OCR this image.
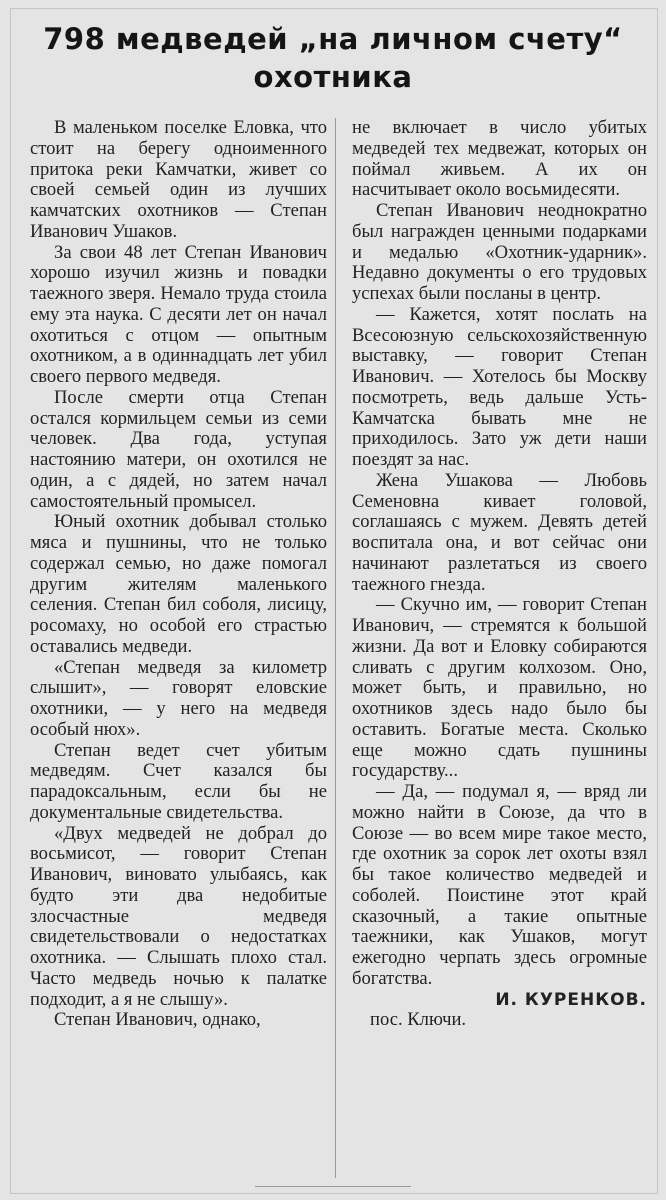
798 медведей „на личном счету“
охотника

В маленьком поселке Еловка, что стоит на берегу одноименного притока реки Камчатки, живет со своей семьей один из лучших камчатских охотников — Степан Иванович Ушаков.

За свои 48 лет Степан Иванович хорошо изучил жизнь и повадки таежного зверя. Немало труда стоила ему эта наука. С десяти лет он начал охотиться с отцом — опытным охотником, а в одиннадцать лет убил своего первого медведя.

После смерти отца Степан остался кормильцем семьи из семи человек. Два года, уступая настоянию матери, он охотился не один, а с дядей, но затем начал самостоятельный промысел.

Юный охотник добывал столько мяса и пушнины, что не только содержал семью, но даже помогал другим жителям маленького селения. Степан бил соболя, лисицу, росомаху, но особой его страстью оставались медведи.

«Степан медведя за километр слышит», — говорят еловские охотники, — у него на медведя особый нюх».

Степан ведет счет убитым медведям. Счет казался бы парадоксальным, если бы не документальные свидетельства.

«Двух медведей не добрал до восьмисот, — говорит Степан Иванович, виновато улыбаясь, как будто эти два недобитые злосчастные медведя свидетельствовали о недостатках охотника. — Слышать плохо стал. Часто медведь ночью к палатке подходит, а я не слышу».

Степан Иванович, однако,

не включает в число убитых медведей тех медвежат, которых он поймал живьем. А их он насчитывает около восьмидесяти.

Степан Иванович неоднократно был награжден ценными подарками и медалью «Охотник-ударник». Недавно документы о его трудовых успехах были посланы в центр.

— Кажется, хотят послать на Всесоюзную сельскохозяйственную выставку, — говорит Степан Иванович. — Хотелось бы Москву посмотреть, ведь дальше Усть-Камчатска бывать мне не приходилось. Зато уж дети наши поездят за нас.

Жена Ушакова — Любовь Семеновна кивает головой, соглашаясь с мужем. Девять детей воспитала она, и вот сейчас они начинают разлетаться из своего таежного гнезда.

— Скучно им, — говорит Степан Иванович, — стремятся к большой жизни. Да вот и Еловку собираются сливать с другим колхозом. Оно, может быть, и правильно, но охотников здесь надо было бы оставить. Богатые места. Сколько еще можно сдать пушнины государству...

— Да, — подумал я, — вряд ли можно найти в Союзе, да что в Союзе — во всем мире такое место, где охотник за сорок лет охоты взял бы такое количество медведей и соболей. Поистине этот край сказочный, а такие опытные таежники, как Ушаков, могут ежегодно черпать здесь огромные богатства.

И. КУРЕНКОВ.

пос. Ключи.
